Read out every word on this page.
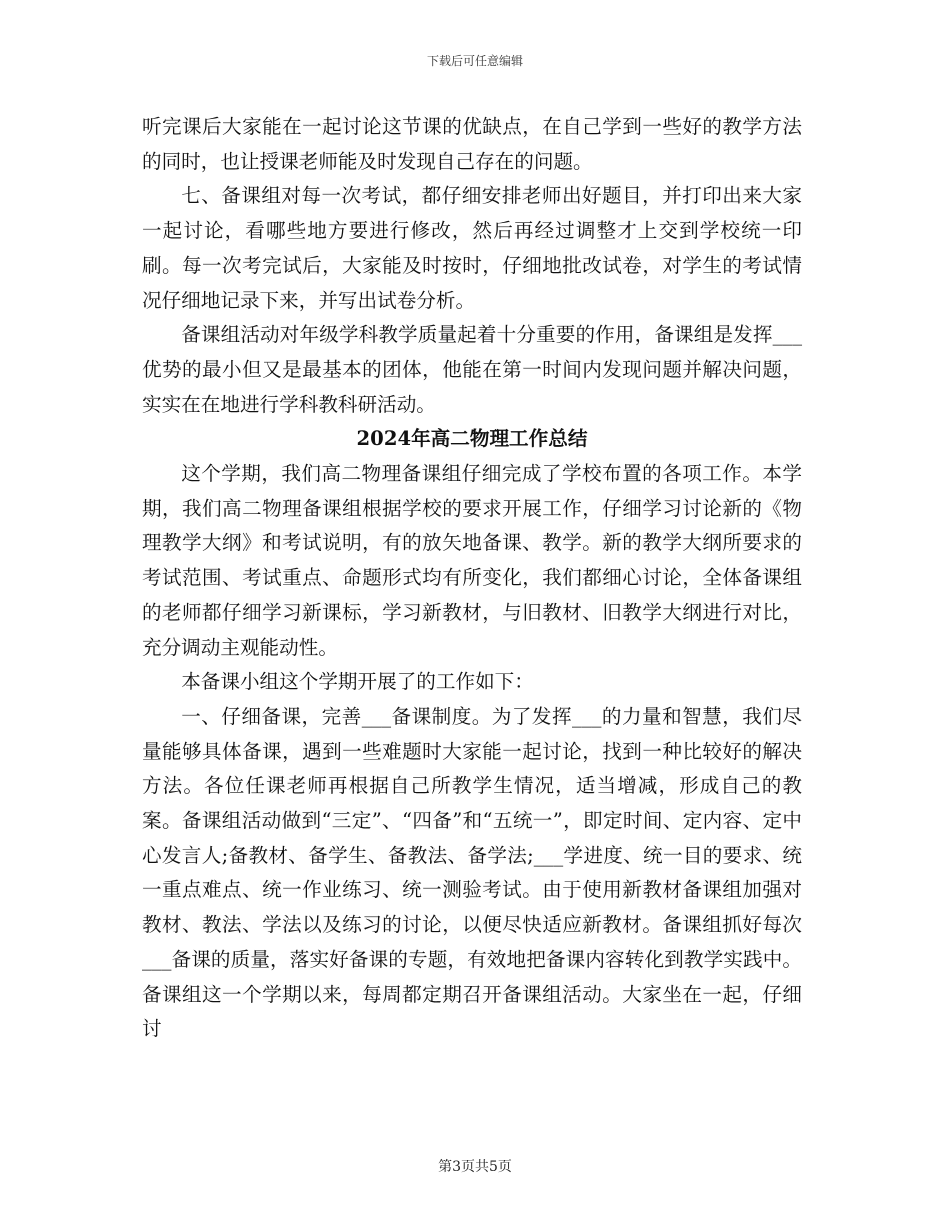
下载后可任意编辑

听完课后大家能在一起讨论这节课的优缺点，在自己学到一些好的教学方法的同时，也让授课老师能及时发现自己存在的问题。

七、备课组对每一次考试，都仔细安排老师出好题目，并打印出来大家一起讨论，看哪些地方要进行修改，然后再经过调整才上交到学校统一印刷。每一次考完试后，大家能及时按时，仔细地批改试卷，对学生的考试情况仔细地记录下来，并写出试卷分析。

备课组活动对年级学科教学质量起着十分重要的作用，备课组是发挥___优势的最小但又是最基本的团体，他能在第一时间内发现问题并解决问题，实实在在地进行学科教科研活动。

2024年高二物理工作总结

这个学期，我们高二物理备课组仔细完成了学校布置的各项工作。本学期，我们高二物理备课组根据学校的要求开展工作，仔细学习讨论新的《物理教学大纲》和考试说明，有的放矢地备课、教学。新的教学大纲所要求的考试范围、考试重点、命题形式均有所变化，我们都细心讨论，全体备课组的老师都仔细学习新课标，学习新教材，与旧教材、旧教学大纲进行对比，充分调动主观能动性。

本备课小组这个学期开展了的工作如下：

一、仔细备课，完善___备课制度。为了发挥___的力量和智慧，我们尽量能够具体备课，遇到一些难题时大家能一起讨论，找到一种比较好的解决方法。各位任课老师再根据自己所教学生情况，适当增减，形成自己的教案。备课组活动做到“三定”、“四备”和“五统一”，即定时间、定内容、定中心发言人;备教材、备学生、备教法、备学法;___学进度、统一目的要求、统一重点难点、统一作业练习、统一测验考试。由于使用新教材备课组加强对教材、教法、学法以及练习的讨论，以便尽快适应新教材。备课组抓好每次___备课的质量，落实好备课的专题，有效地把备课内容转化到教学实践中。备课组这一个学期以来，每周都定期召开备课组活动。大家坐在一起，仔细讨

第3页共5页
